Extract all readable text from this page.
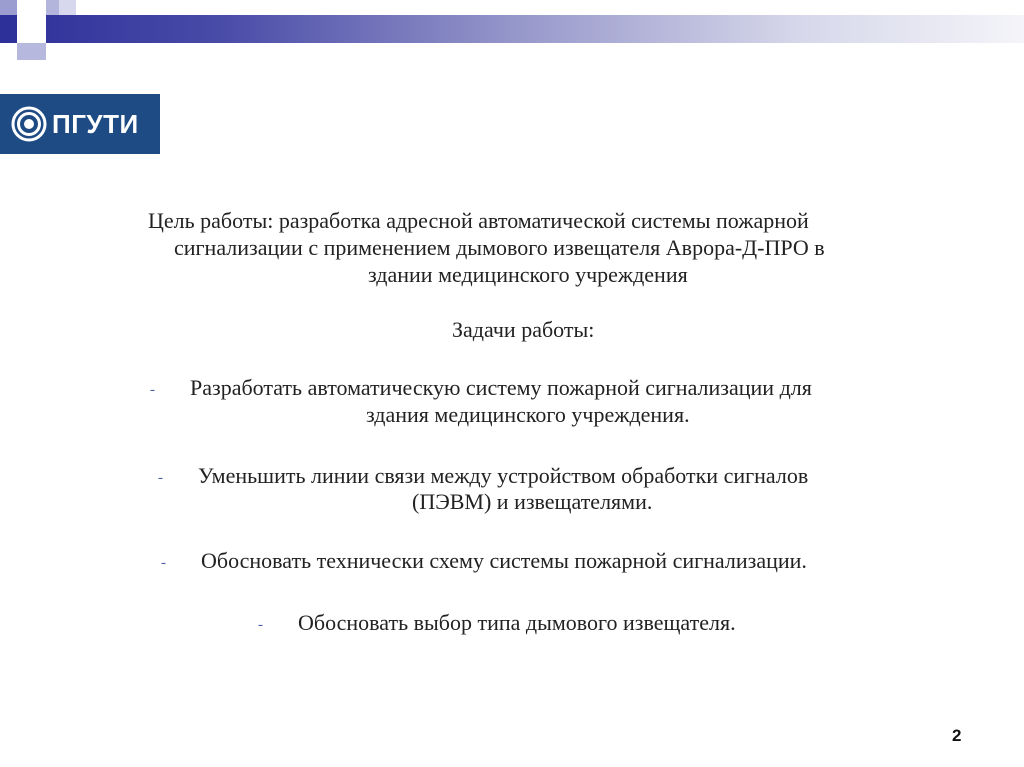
ПГУТИ
Цель работы: разработка адресной автоматической системы пожарной
сигнализации с применением дымового извещателя Аврора-Д-ПРО в
здании медицинского учреждения
Задачи работы:
- Разработать автоматическую систему пожарной сигнализации для
здания медицинского учреждения.
- Уменьшить линии связи между устройством обработки сигналов
(ПЭВМ) и извещателями.
- Обосновать технически схему системы пожарной сигнализации.
- Обосновать выбор типа дымового извещателя.
2
